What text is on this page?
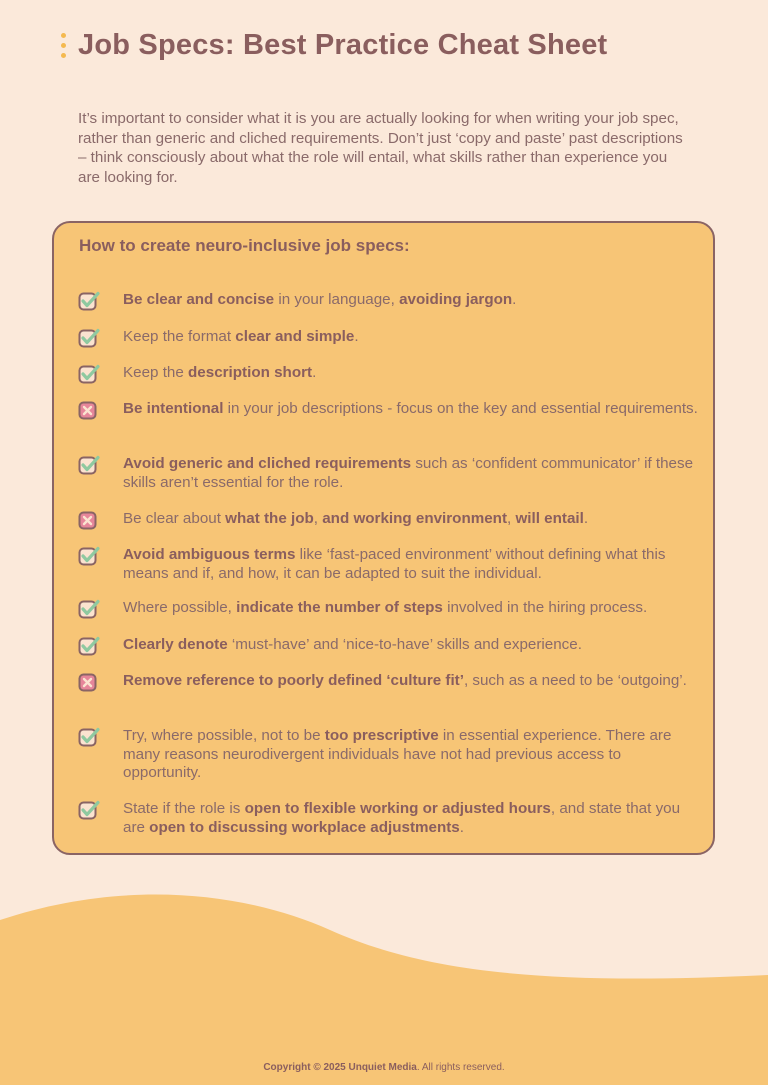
Job Specs: Best Practice Cheat Sheet

It’s important to consider what it is you are actually looking for when writing your job spec, rather than generic and cliched requirements. Don’t just ‘copy and paste’ past descriptions – think consciously about what the role will entail, what skills rather than experience you are looking for.

How to create neuro-inclusive job specs:
Be clear and concise in your language, avoiding jargon.
Keep the format clear and simple.
Keep the description short.
Be intentional in your job descriptions - focus on the key and essential requirements.
Avoid generic and cliched requirements such as ‘confident communicator’ if these skills aren’t essential for the role.
Be clear about what the job, and working environment, will entail.
Avoid ambiguous terms like ‘fast-paced environment’ without defining what this means and if, and how, it can be adapted to suit the individual.
Where possible, indicate the number of steps involved in the hiring process.
Clearly denote ‘must-have’ and ‘nice-to-have’ skills and experience.
Remove reference to poorly defined ‘culture fit’, such as a need to be ‘outgoing’.
Try, where possible, not to be too prescriptive in essential experience. There are many reasons neurodivergent individuals have not had previous access to opportunity.
State if the role is open to flexible working or adjusted hours, and state that you are open to discussing workplace adjustments.
Copyright © 2025 Unquiet Media. All rights reserved.
